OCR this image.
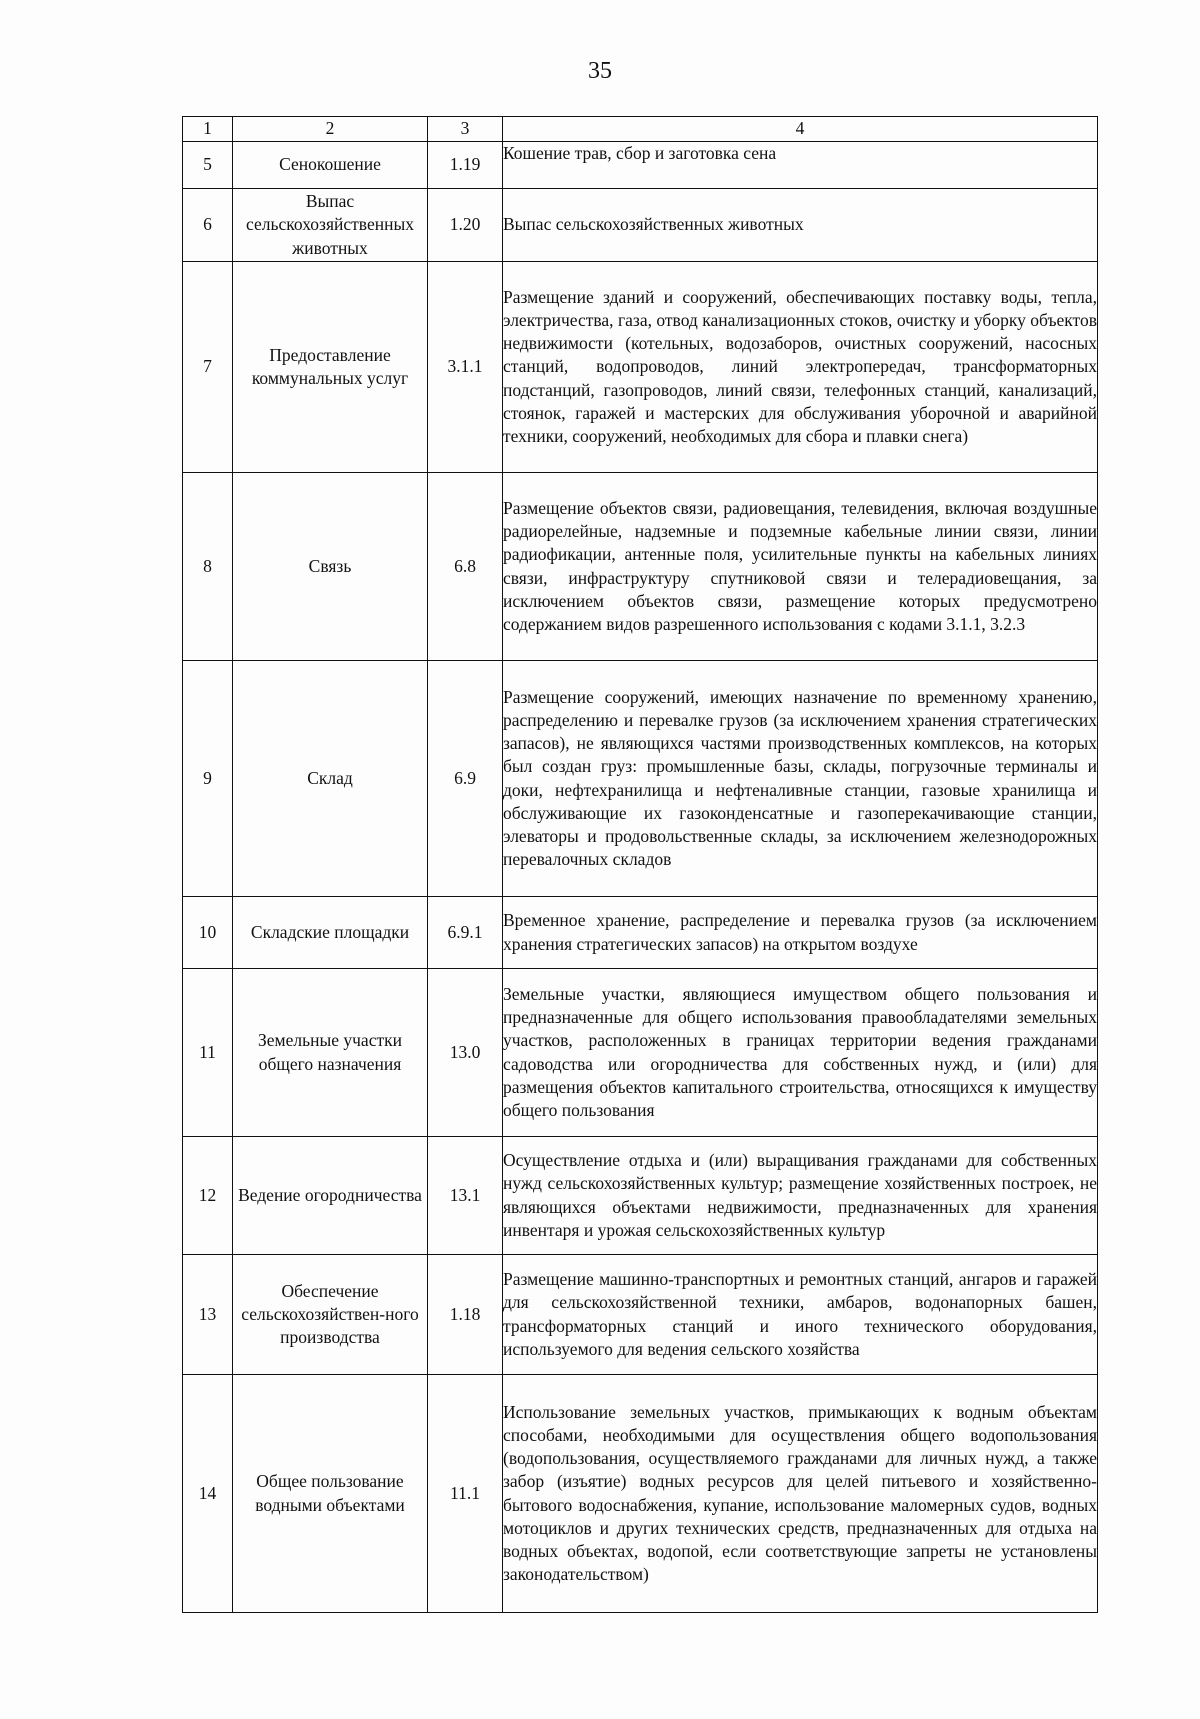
35
1	2	3	4
5	Сенокошение	1.19	Кошение трав, сбор и заготовка сена
6	Выпас сельскохозяйственных животных	1.20	Выпас сельскохозяйственных животных
7	Предоставление коммунальных услуг	3.1.1	Размещение зданий и сооружений, обеспечивающих поставку воды, тепла, электричества, газа, отвод канализационных стоков, очистку и уборку объектов недвижимости (котельных, водозаборов, очистных сооружений, насосных станций, водопроводов, линий электропередач, трансформаторных подстанций, газопроводов, линий связи, телефонных станций, канализаций, стоянок, гаражей и мастерских для обслуживания уборочной и аварийной техники, сооружений, необходимых для сбора и плавки снега)
8	Связь	6.8	Размещение объектов связи, радиовещания, телевидения, включая воздушные радиорелейные, надземные и подземные кабельные линии связи, линии радиофикации, антенные поля, усилительные пункты на кабельных линиях связи, инфраструктуру спутниковой связи и телерадиовещания, за исключением объектов связи, размещение которых предусмотрено содержанием видов разрешенного использования с кодами 3.1.1, 3.2.3
9	Склад	6.9	Размещение сооружений, имеющих назначение по временному хранению, распределению и перевалке грузов (за исключением хранения стратегических запасов), не являющихся частями производственных комплексов, на которых был создан груз: промышленные базы, склады, погрузочные терминалы и доки, нефтехранилища и нефтеналивные станции, газовые хранилища и обслуживающие их газоконденсатные и газоперекачивающие станции, элеваторы и продовольственные склады, за исключением железнодорожных перевалочных складов
10	Складские площадки	6.9.1	Временное хранение, распределение и перевалка грузов (за исключением хранения стратегических запасов) на открытом воздухе
11	Земельные участки общего назначения	13.0	Земельные участки, являющиеся имуществом общего пользования и предназначенные для общего использования правообладателями земельных участков, расположенных в границах территории ведения гражданами садоводства или огородничества для собственных нужд, и (или) для размещения объектов капитального строительства, относящихся к имуществу общего пользования
12	Ведение огородничества	13.1	Осуществление отдыха и (или) выращивания гражданами для собственных нужд сельскохозяйственных культур; размещение хозяйственных построек, не являющихся объектами недвижимости, предназначенных для хранения инвентаря и урожая сельскохозяйственных культур
13	Обеспечение сельскохозяйствен-ного производства	1.18	Размещение машинно-транспортных и ремонтных станций, ангаров и гаражей для сельскохозяйственной техники, амбаров, водонапорных башен, трансформаторных станций и иного технического оборудования, используемого для ведения сельского хозяйства
14	Общее пользование водными объектами	11.1	Использование земельных участков, примыкающих к водным объектам способами, необходимыми для осуществления общего водопользования (водопользования, осуществляемого гражданами для личных нужд, а также забор (изъятие) водных ресурсов для целей питьевого и хозяйственно-бытового водоснабжения, купание, использование маломерных судов, водных мотоциклов и других технических средств, предназначенных для отдыха на водных объектах, водопой, если соответствующие запреты не установлены законодательством)
